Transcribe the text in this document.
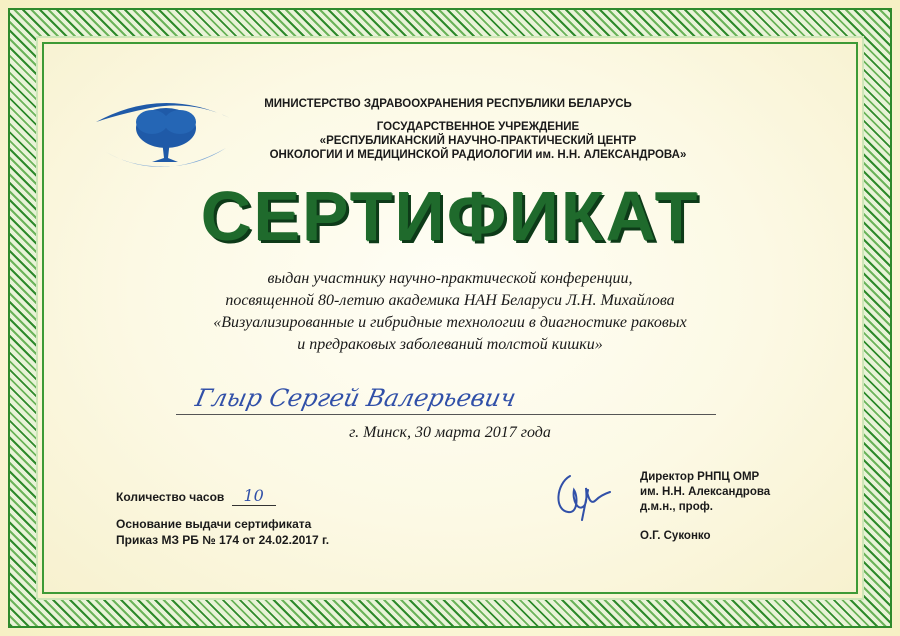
МИНИСТЕРСТВО ЗДРАВООХРАНЕНИЯ РЕСПУБЛИКИ БЕЛАРУСЬ
ГОСУДАРСТВЕННОЕ УЧРЕЖДЕНИЕ
«РЕСПУБЛИКАНСКИЙ НАУЧНО-ПРАКТИЧЕСКИЙ ЦЕНТР
ОНКОЛОГИИ И МЕДИЦИНСКОЙ РАДИОЛОГИИ им. Н.Н. АЛЕКСАНДРОВА»
СЕРТИФИКАТ
выдан участнику научно-практической конференции,
посвященной 80-летию академика НАН Беларуси Л.Н. Михайлова
«Визуализированные и гибридные технологии в диагностике раковых
и предраковых заболеваний толстой кишки»
Глыр Сергей Валерьевич
г. Минск, 30 марта 2017 года
Количество часов 10
Основание выдачи сертификата
Приказ МЗ РБ № 174 от 24.02.2017 г.
Директор РНПЦ ОМР
им. Н.Н. Александрова
д.м.н., проф.
О.Г. Суконко
